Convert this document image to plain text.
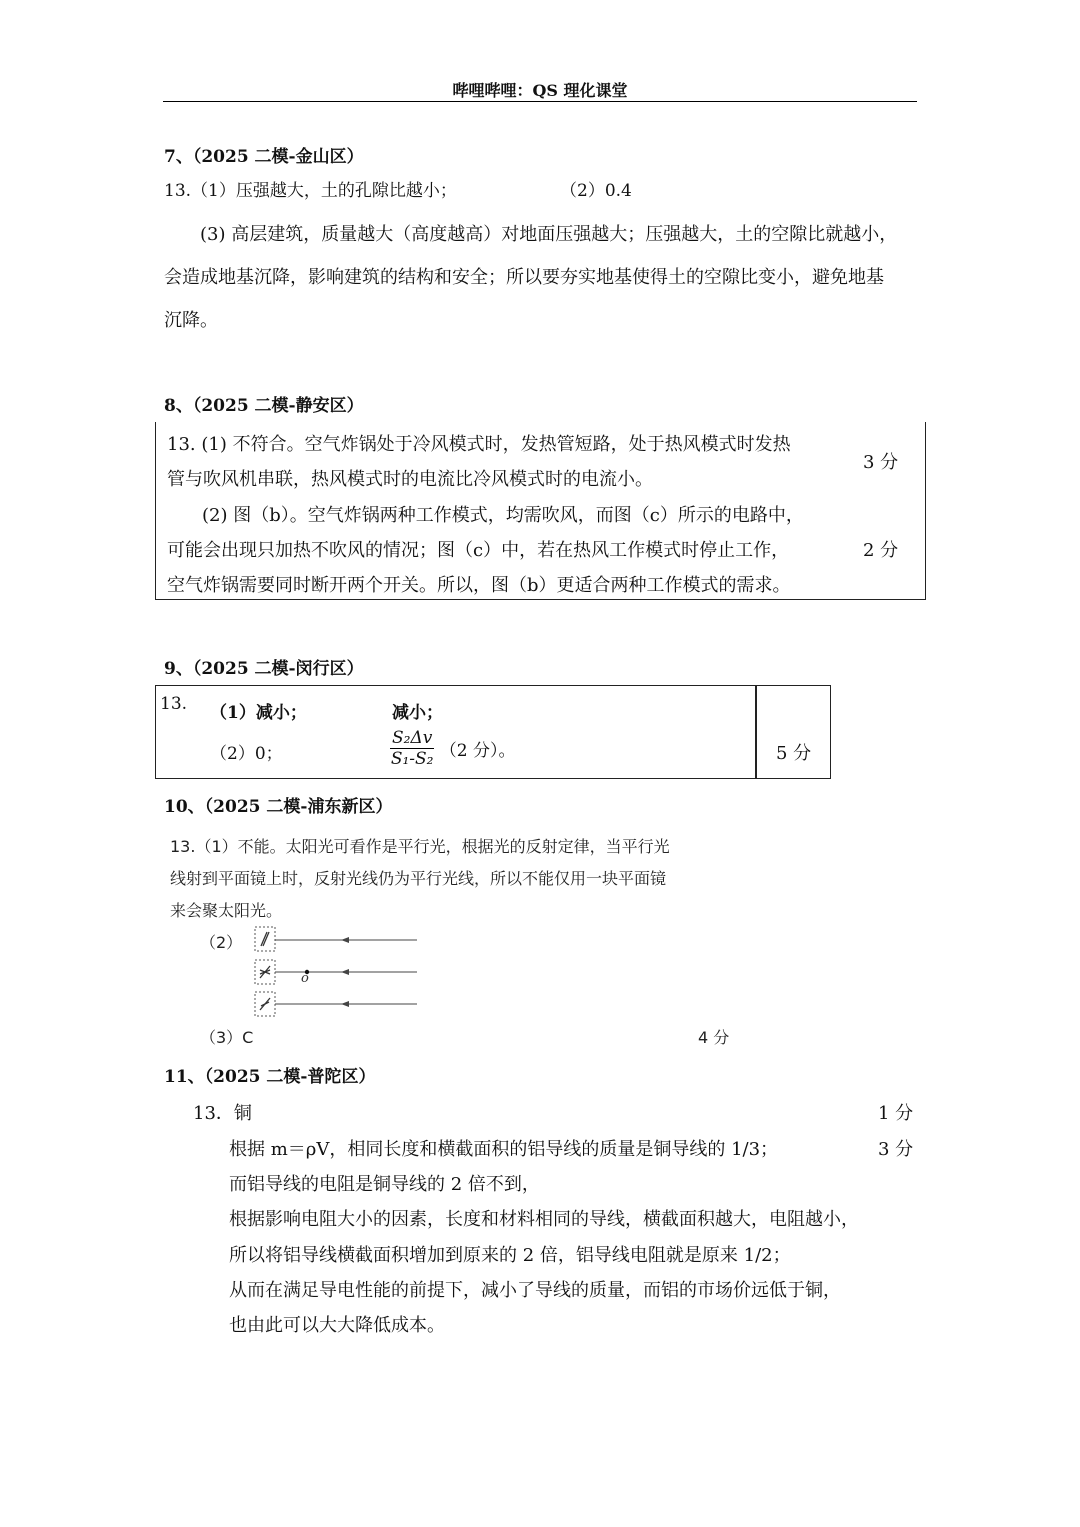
哔哩哔哩：QS 理化课堂
7、（2025 二模-金山区）
13.（1）压强越大，土的孔隙比越小；	（2）0.4
(3) 高层建筑，质量越大（高度越高）对地面压强越大；压强越大，土的空隙比就越小，
会造成地基沉降，影响建筑的结构和安全；所以要夯实地基使得土的空隙比变小，避免地基
沉降。
8、（2025 二模-静安区）
13. (1) 不符合。空气炸锅处于冷风模式时，发热管短路，处于热风模式时发热
管与吹风机串联，热风模式时的电流比冷风模式时的电流小。
3 分
(2) 图（b）。空气炸锅两种工作模式，均需吹风，而图（c）所示的电路中，
可能会出现只加热不吹风的情况；图（c）中，若在热风工作模式时停止工作，
空气炸锅需要同时断开两个开关。所以，图（b）更适合两种工作模式的需求。
2 分
9、（2025 二模-闵行区）
13. （1）减小；	减小；
（2）0；	$\frac{\text{S₂Δv}}{\text{S₁-S₂}} (2$ 分）。	5 分
10、（2025 二模-浦东新区）
13.（1）不能。太阳光可看作是平行光，根据光的反射定律，当平行光
线射到平面镜上时，反射光线仍为平行光线，所以不能仅用一块平面镜
来会聚太阳光。
（2）
o
（3）C	4 分
11、（2025 二模-普陀区）
13．铜	1 分
根据 m＝ρV，相同长度和横截面积的铝导线的质量是铜导线的 1/3；	3 分
而铝导线的电阻是铜导线的 2 倍不到，
根据影响电阻大小的因素，长度和材料相同的导线，横截面积越大，电阻越小，
所以将铝导线横截面积增加到原来的 2 倍，铝导线电阻就是原来 1/2；
从而在满足导电性能的前提下，减小了导线的质量，而铝的市场价远低于铜，
也由此可以大大降低成本。
